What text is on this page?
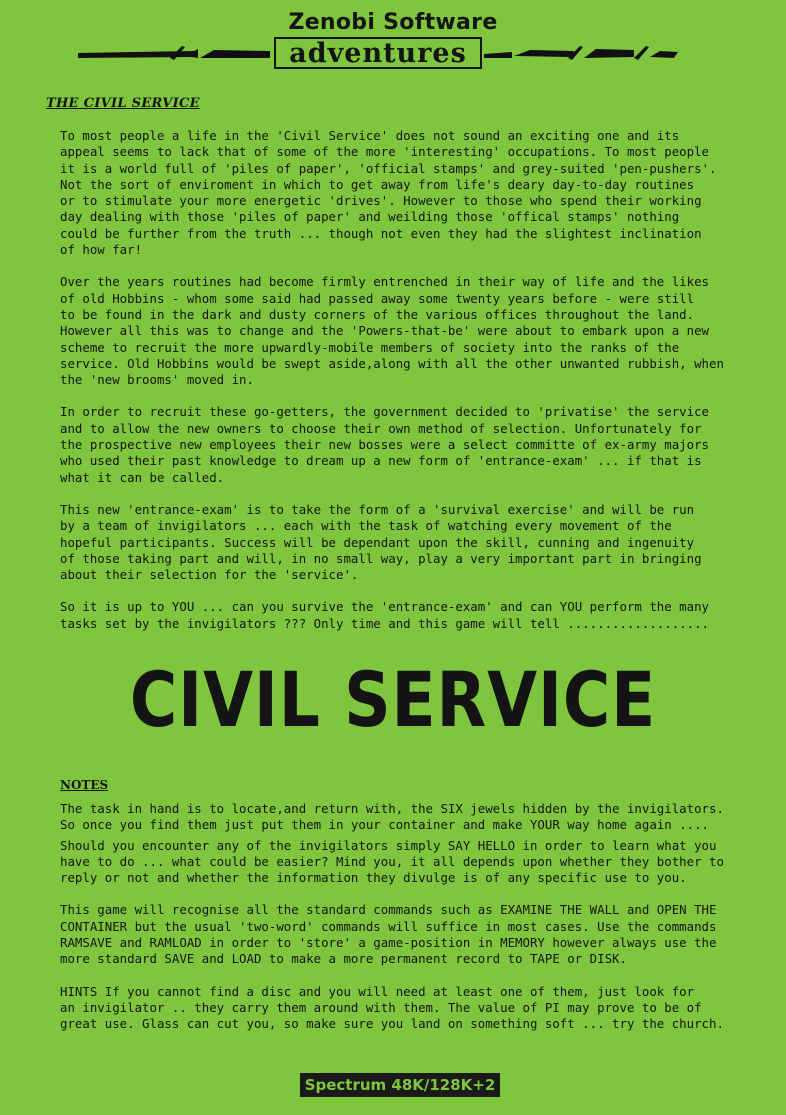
Zenobi Software
adventures
THE CIVIL SERVICE

To most people a life in the 'Civil Service' does not sound an exciting one and its
appeal seems to lack that of some of the more 'interesting' occupations. To most people
it is a world full of 'piles of paper', 'official stamps' and grey-suited 'pen-pushers'.
Not the sort of enviroment in which to get away from life's deary day-to-day routines
or to stimulate your more energetic 'drives'. However to those who spend their working
day dealing with those 'piles of paper' and weilding those 'offical stamps' nothing
could be further from the truth ... though not even they had the slightest inclination
of how far!

Over the years routines had become firmly entrenched in their way of life and the likes
of old Hobbins - whom some said had passed away some twenty years before - were still
to be found in the dark and dusty corners of the various offices throughout the land.
However all this was to change and the 'Powers-that-be' were about to embark upon a new
scheme to recruit the more upwardly-mobile members of society into the ranks of the
service. Old Hobbins would be swept aside,along with all the other unwanted rubbish, when
the 'new brooms' moved in.

In order to recruit these go-getters, the government decided to 'privatise' the service
and to allow the new owners to choose their own method of selection. Unfortunately for
the prospective new employees their new bosses were a select committe of ex-army majors
who used their past knowledge to dream up a new form of 'entrance-exam' ... if that is
what it can be called.

This new 'entrance-exam' is to take the form of a 'survival exercise' and will be run
by a team of invigilators ... each with the task of watching every movement of the
hopeful participants. Success will be dependant upon the skill, cunning and ingenuity
of those taking part and will, in no small way, play a very important part in bringing
about their selection for the 'service'.

So it is up to YOU ... can you survive the 'entrance-exam' and can YOU perform the many
tasks set by the invigilators ??? Only time and this game will tell ...................

CIVIL SERVICE
NOTES

The task in hand is to locate,and return with, the SIX jewels hidden by the invigilators.
So once you find them just put them in your container and make YOUR way home again ....

Should you encounter any of the invigilators simply SAY HELLO in order to learn what you
have to do ... what could be easier? Mind you, it all depends upon whether they bother to
reply or not and whether the information they divulge is of any specific use to you.

This game will recognise all the standard commands such as EXAMINE THE WALL and OPEN THE
CONTAINER but the usual 'two-word' commands will suffice in most cases. Use the commands
RAMSAVE and RAMLOAD in order to 'store' a game-position in MEMORY however always use the
more standard SAVE and LOAD to make a more permanent record to TAPE or DISK.

HINTS If you cannot find a disc and you will need at least one of them, just look for
an invigilator .. they carry them around with them. The value of PI may prove to be of
great use. Glass can cut you, so make sure you land on something soft ... try the church.

Spectrum 48K/128K+2
